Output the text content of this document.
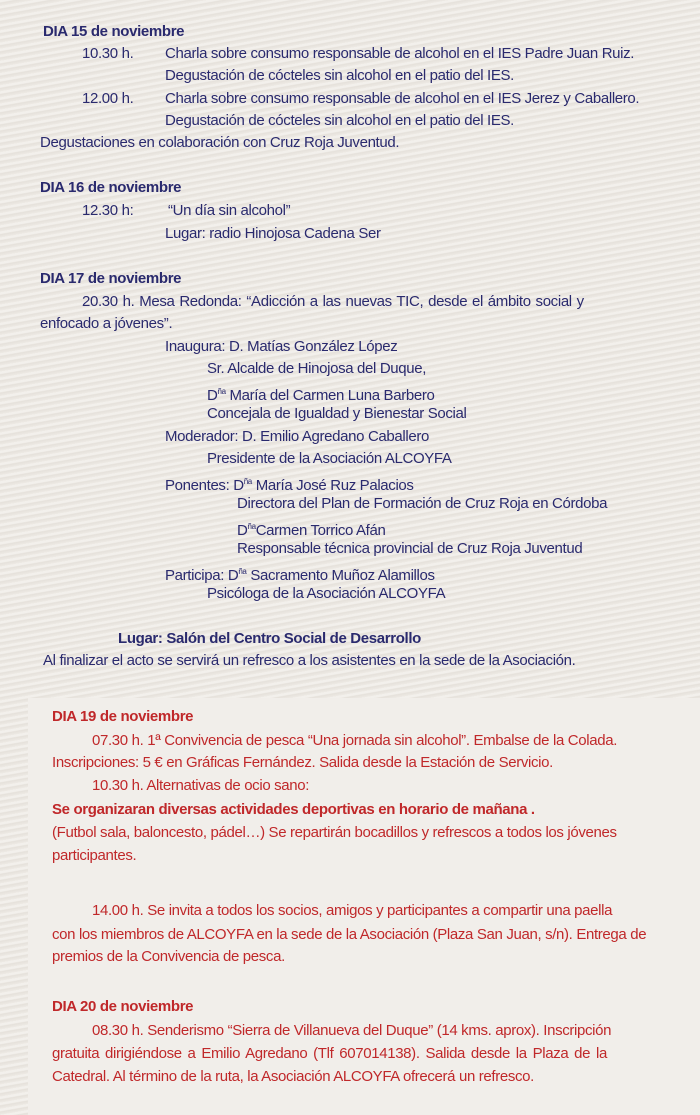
DIA 15 de noviembre
10.30 h. Charla sobre consumo responsable de alcohol en el IES Padre Juan Ruiz.
Degustación de cócteles sin alcohol en el patio del IES.
12.00 h. Charla sobre consumo responsable de alcohol en el IES Jerez y Caballero.
Degustación de cócteles sin alcohol en el patio del IES.
Degustaciones en colaboración con Cruz Roja Juventud.
DIA 16 de noviembre
12.30 h: “Un día sin alcohol”
Lugar: radio Hinojosa Cadena Ser
DIA 17 de noviembre
20.30 h. Mesa Redonda: “Adicción a las nuevas TIC, desde el ámbito social y
enfocado a jóvenes”.
Inaugura: D. Matías González López
Sr. Alcalde de Hinojosa del Duque,
$D^{ña}$ María del Carmen Luna Barbero
Concejala de Igualdad y Bienestar Social
Moderador: D. Emilio Agredano Caballero
Presidente de la Asociación ALCOYFA
Ponentes: $D^{ña}$ María José Ruz Palacios
Directora del Plan de Formación de Cruz Roja en Córdoba
$D^{ña}Carmen$ Torrico Afán
Responsable técnica provincial de Cruz Roja Juventud
Participa: $D^{ña}$ Sacramento Muñoz Alamillos
Psicóloga de la Asociación ALCOYFA
Lugar: Salón del Centro Social de Desarrollo
Al finalizar el acto se servirá un refresco a los asistentes en la sede de la Asociación.
DIA 19 de noviembre
07.30 h. 1ª Convivencia de pesca “Una jornada sin alcohol”. Embalse de la Colada.
Inscripciones: 5 € en Gráficas Fernández. Salida desde la Estación de Servicio.
10.30 h. Alternativas de ocio sano:
Se organizaran diversas actividades deportivas en horario de mañana .
(Futbol sala, baloncesto, pádel…) Se repartirán bocadillos y refrescos a todos los jóvenes
participantes.
14.00 h. Se invita a todos los socios, amigos y participantes a compartir una paella
con los miembros de ALCOYFA en la sede de la Asociación (Plaza San Juan, s/n). Entrega de
premios de la Convivencia de pesca.
DIA 20 de noviembre
08.30 h. Senderismo “Sierra de Villanueva del Duque” (14 kms. aprox). Inscripción
gratuita dirigiéndose a Emilio Agredano (Tlf 607014138). Salida desde la Plaza de la
Catedral. Al término de la ruta, la Asociación ALCOYFA ofrecerá un refresco.
